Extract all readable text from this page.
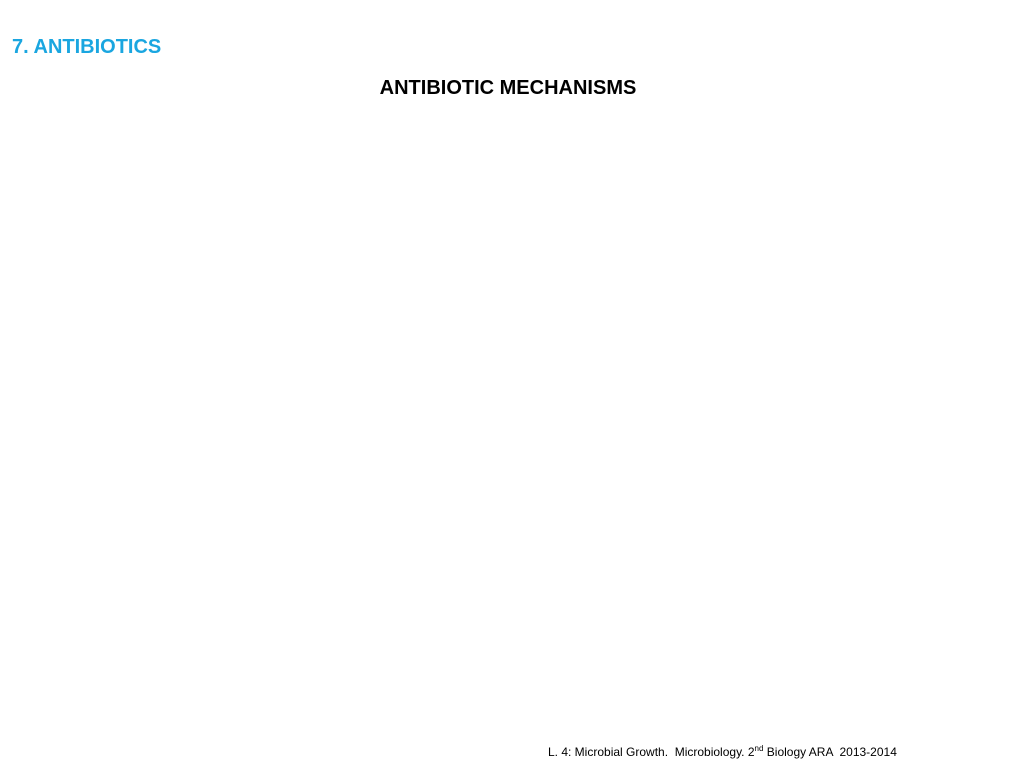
7. ANTIBIOTICS
ANTIBIOTIC MECHANISMS

L. 4: Microbial Growth.  Microbiology. 2nd Biology ARA  2013-2014
